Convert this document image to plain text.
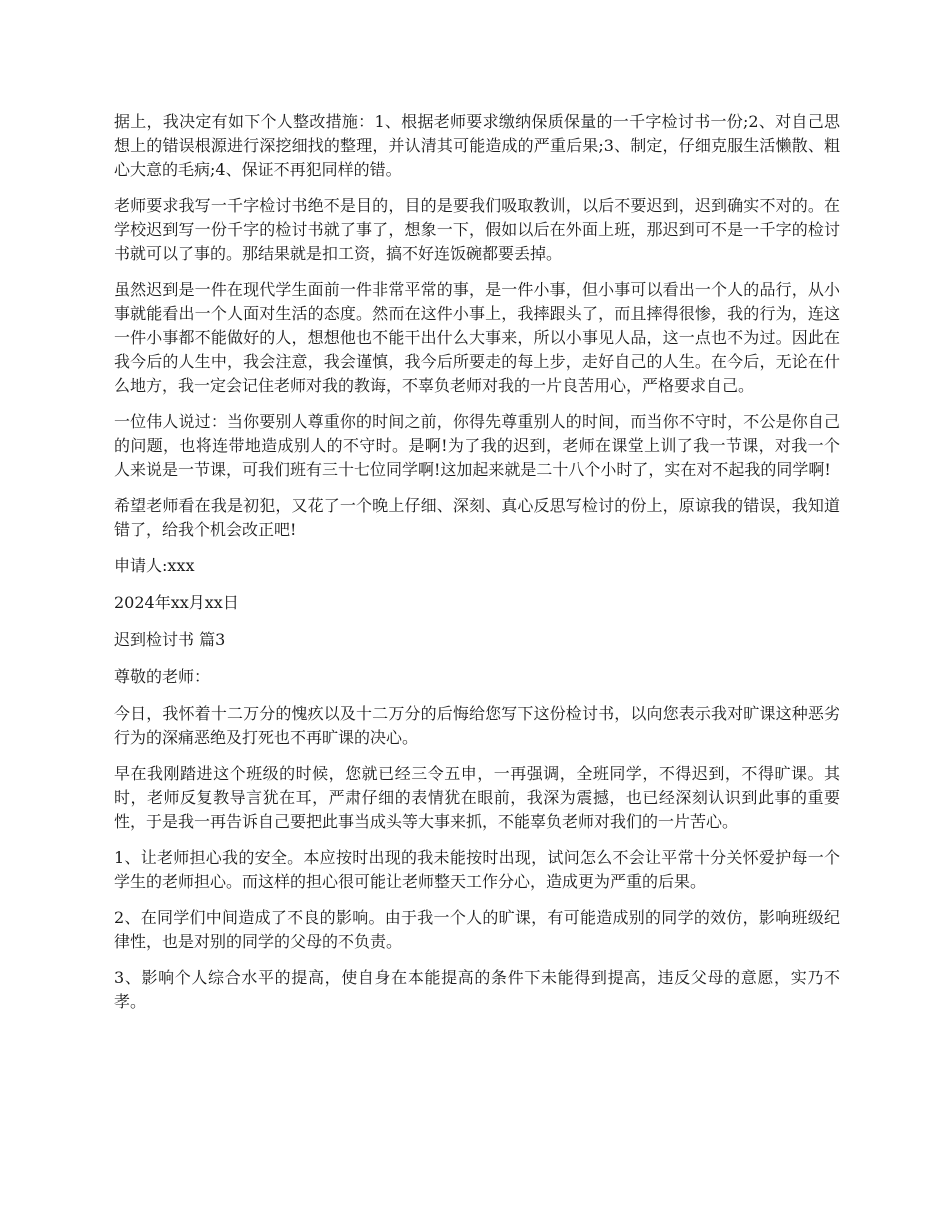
据上，我决定有如下个人整改措施：1、根据老师要求缴纳保质保量的一千字检讨书一份;2、对自己思想上的错误根源进行深挖细找的整理，并认清其可能造成的严重后果;3、制定，仔细克服生活懒散、粗心大意的毛病;4、保证不再犯同样的错。

老师要求我写一千字检讨书绝不是目的，目的是要我们吸取教训，以后不要迟到，迟到确实不对的。在学校迟到写一份千字的检讨书就了事了，想象一下，假如以后在外面上班，那迟到可不是一千字的检讨书就可以了事的。那结果就是扣工资，搞不好连饭碗都要丢掉。

虽然迟到是一件在现代学生面前一件非常平常的事，是一件小事，但小事可以看出一个人的品行，从小事就能看出一个人面对生活的态度。然而在这件小事上，我摔跟头了，而且摔得很惨，我的行为，连这一件小事都不能做好的人，想想他也不能干出什么大事来，所以小事见人品，这一点也不为过。因此在我今后的人生中，我会注意，我会谨慎，我今后所要走的每上步，走好自己的人生。在今后，无论在什么地方，我一定会记住老师对我的教诲，不辜负老师对我的一片良苦用心，严格要求自己。

一位伟人说过：当你要别人尊重你的时间之前，你得先尊重别人的时间，而当你不守时，不公是你自己的问题，也将连带地造成别人的不守时。是啊!为了我的迟到，老师在课堂上训了我一节课，对我一个人来说是一节课，可我们班有三十七位同学啊!这加起来就是二十八个小时了，实在对不起我的同学啊!

希望老师看在我是初犯，又花了一个晚上仔细、深刻、真心反思写检讨的份上，原谅我的错误，我知道错了，给我个机会改正吧!

申请人:xxx

2024年xx月xx日

迟到检讨书 篇3

尊敬的老师：

今日，我怀着十二万分的愧疚以及十二万分的后悔给您写下这份检讨书，以向您表示我对旷课这种恶劣行为的深痛恶绝及打死也不再旷课的决心。

早在我刚踏进这个班级的时候，您就已经三令五申，一再强调，全班同学，不得迟到，不得旷课。其时，老师反复教导言犹在耳，严肃仔细的表情犹在眼前，我深为震撼，也已经深刻认识到此事的重要性，于是我一再告诉自己要把此事当成头等大事来抓，不能辜负老师对我们的一片苦心。

1、让老师担心我的安全。本应按时出现的我未能按时出现，试问怎么不会让平常十分关怀爱护每一个学生的老师担心。而这样的担心很可能让老师整天工作分心，造成更为严重的后果。

2、在同学们中间造成了不良的影响。由于我一个人的旷课，有可能造成别的同学的效仿，影响班级纪律性，也是对别的同学的父母的不负责。

3、影响个人综合水平的提高，使自身在本能提高的条件下未能得到提高，违反父母的意愿，实乃不孝。
